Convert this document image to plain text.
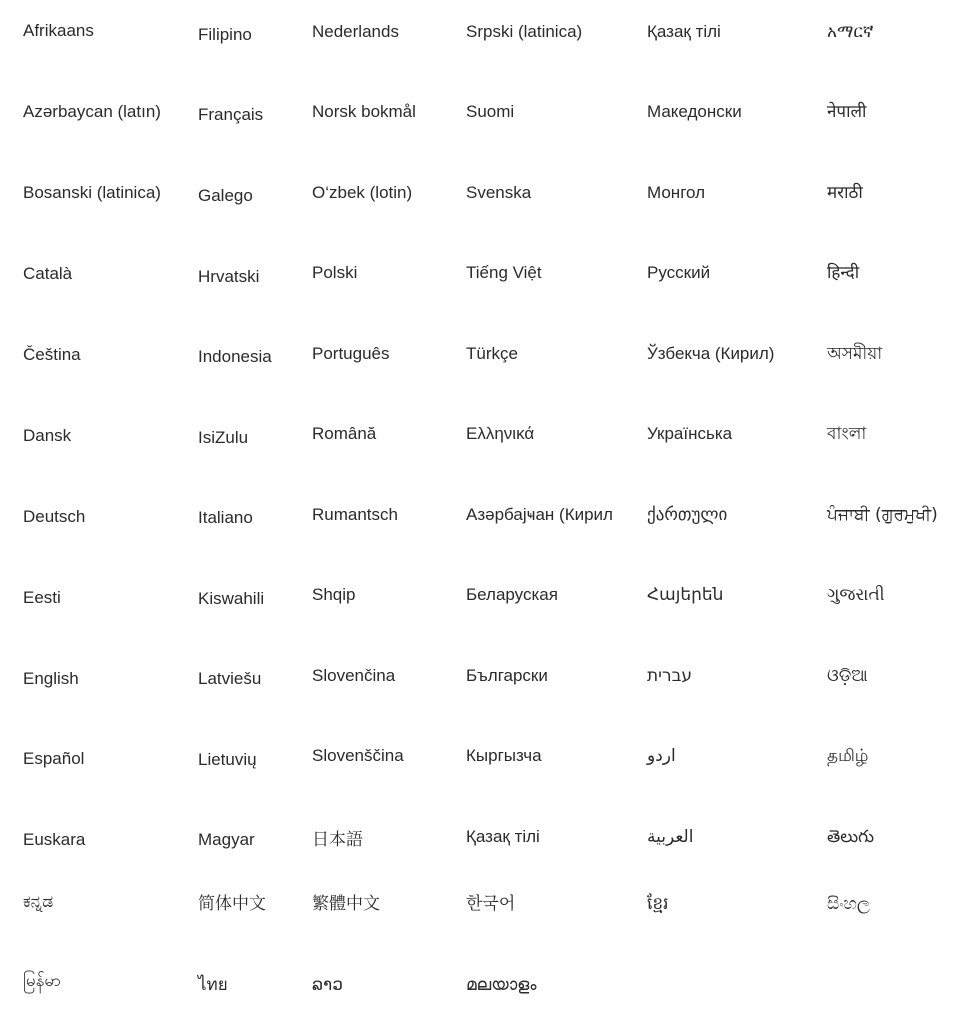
Afrikaans
Azərbaycan (latın)
Bosanski (latinica)
Català
Čeština
Dansk
Deutsch
Eesti
English
Español
Euskara
ಕನ್ನಡ
မြန်မာ
Filipino
Français
Galego
Hrvatski
Indonesia
IsiZulu
Italiano
Kiswahili
Latviešu
Lietuvių
Magyar
简体中文
ไทย
Nederlands
Norsk bokmål
O‘zbek (lotin)
Polski
Português
Română
Rumantsch
Shqip
Slovenčina
Slovenščina
日本語
繁體中文
ລາວ
Srpski (latinica)
Suomi
Svenska
Tiếng Việt
Türkçe
Ελληνικά
Азәрбајҹан (Кирил
Беларуская
Български
Кыргызча
Қазақ тілі
한국어
മലയാളം
Қазақ тілі
Македонски
Монгол
Русский
Ўзбекча (Кирил)
Українська
ქართული
Հայերեն
עברית
اردو
العربية
ខ្មែរ
አማርኛ
नेपाली
मराठी
हिन्दी
অসমীয়া
বাংলা
ਪੰਜਾਬੀ (ਗੁਰਮੁਖੀ)
ગુજરાતી
ଓଡ଼ିଆ
தமிழ்
తెలుగు
සිංහල
